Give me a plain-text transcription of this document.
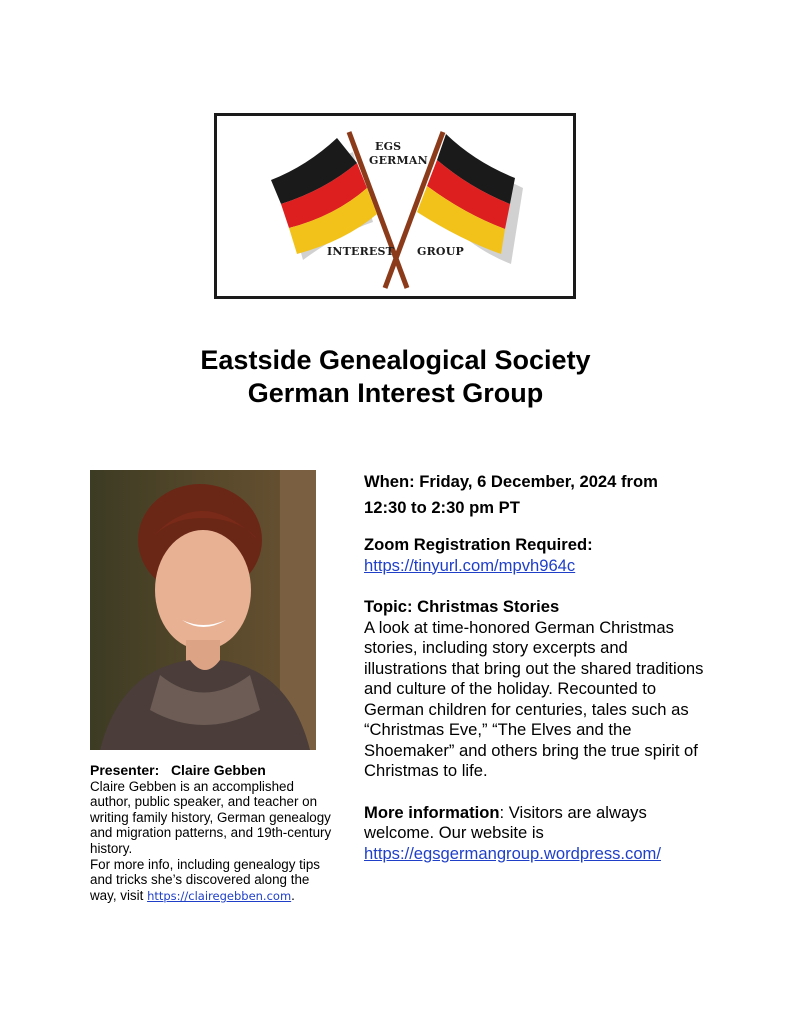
EGS
GERMAN
INTEREST GROUP
Eastside Genealogical Society
German Interest Group
Presenter: Claire Gebben
Claire Gebben is an accomplished author, public speaker, and teacher on writing family history, German genealogy and migration patterns, and 19th-century history.
For more info, including genealogy tips and tricks she’s discovered along the way, visit https://clairegebben.com.

When: Friday, 6 December, 2024 from

12:30 to 2:30 pm PT

Zoom Registration Required:

https://tinyurl.com/mpvh964c

Topic: Christmas Stories

A look at time-honored German Christmas stories, including story excerpts and illustrations that bring out the shared traditions and culture of the holiday. Recounted to German children for centuries, tales such as “Christmas Eve,” “The Elves and the Shoemaker” and others bring the true spirit of Christmas to life.

More information: Visitors are always welcome. Our website is

https://egsgermangroup.wordpress.com/
